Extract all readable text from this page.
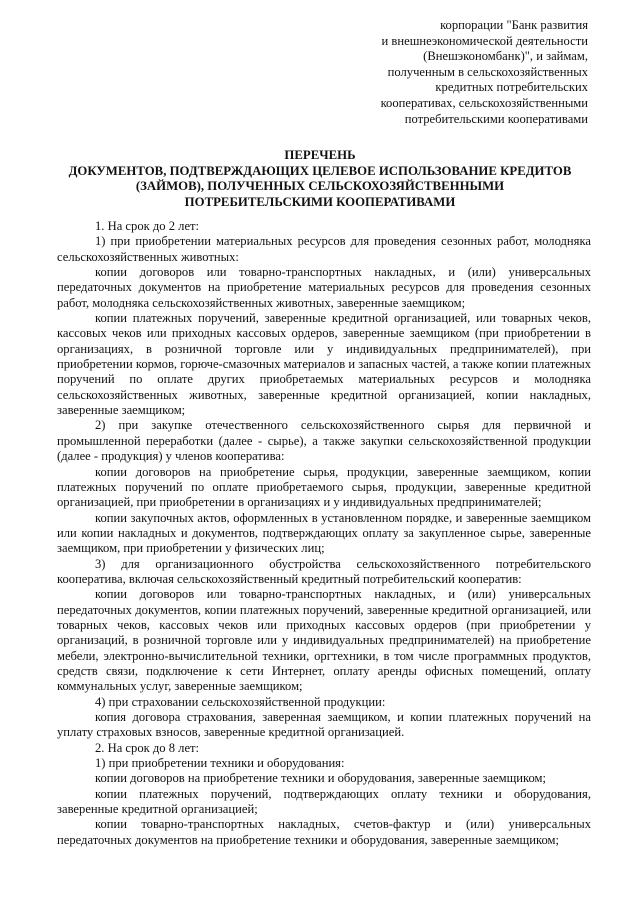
корпорации "Банк развития
и внешнеэкономической деятельности
(Внешэкономбанк)", и займам,
полученным в сельскохозяйственных
кредитных потребительских
кооперативах, сельскохозяйственными
потребительскими кооперативами
ПЕРЕЧЕНЬ
ДОКУМЕНТОВ, ПОДТВЕРЖДАЮЩИХ ЦЕЛЕВОЕ ИСПОЛЬЗОВАНИЕ КРЕДИТОВ
(ЗАЙМОВ), ПОЛУЧЕННЫХ СЕЛЬСКОХОЗЯЙСТВЕННЫМИ
ПОТРЕБИТЕЛЬСКИМИ КООПЕРАТИВАМИ

1. На срок до 2 лет:

1) при приобретении материальных ресурсов для проведения сезонных работ, молодняка сельскохозяйственных животных:

копии договоров или товарно-транспортных накладных, и (или) универсальных передаточных документов на приобретение материальных ресурсов для проведения сезонных работ, молодняка сельскохозяйственных животных, заверенные заемщиком;

копии платежных поручений, заверенные кредитной организацией, или товарных чеков, кассовых чеков или приходных кассовых ордеров, заверенные заемщиком (при приобретении в организациях, в розничной торговле или у индивидуальных предпринимателей), при приобретении кормов, горюче-смазочных материалов и запасных частей, а также копии платежных поручений по оплате других приобретаемых материальных ресурсов и молодняка сельскохозяйственных животных, заверенные кредитной организацией, копии накладных, заверенные заемщиком;

2) при закупке отечественного сельскохозяйственного сырья для первичной и промышленной переработки (далее - сырье), а также закупки сельскохозяйственной продукции (далее - продукция) у членов кооператива:

копии договоров на приобретение сырья, продукции, заверенные заемщиком, копии платежных поручений по оплате приобретаемого сырья, продукции, заверенные кредитной организацией, при приобретении в организациях и у индивидуальных предпринимателей;

копии закупочных актов, оформленных в установленном порядке, и заверенные заемщиком или копии накладных и документов, подтверждающих оплату за закупленное сырье, заверенные заемщиком, при приобретении у физических лиц;

3) для организационного обустройства сельскохозяйственного потребительского кооператива, включая сельскохозяйственный кредитный потребительский кооператив:

копии договоров или товарно-транспортных накладных, и (или) универсальных передаточных документов, копии платежных поручений, заверенные кредитной организацией, или товарных чеков, кассовых чеков или приходных кассовых ордеров (при приобретении у организаций, в розничной торговле или у индивидуальных предпринимателей) на приобретение мебели, электронно-вычислительной техники, оргтехники, в том числе программных продуктов, средств связи, подключение к сети Интернет, оплату аренды офисных помещений, оплату коммунальных услуг, заверенные заемщиком;

4) при страховании сельскохозяйственной продукции:

копия договора страхования, заверенная заемщиком, и копии платежных поручений на уплату страховых взносов, заверенные кредитной организацией.

2. На срок до 8 лет:

1) при приобретении техники и оборудования:

копии договоров на приобретение техники и оборудования, заверенные заемщиком;

копии платежных поручений, подтверждающих оплату техники и оборудования, заверенные кредитной организацией;

копии товарно-транспортных накладных, счетов-фактур и (или) универсальных передаточных документов на приобретение техники и оборудования, заверенные заемщиком;
